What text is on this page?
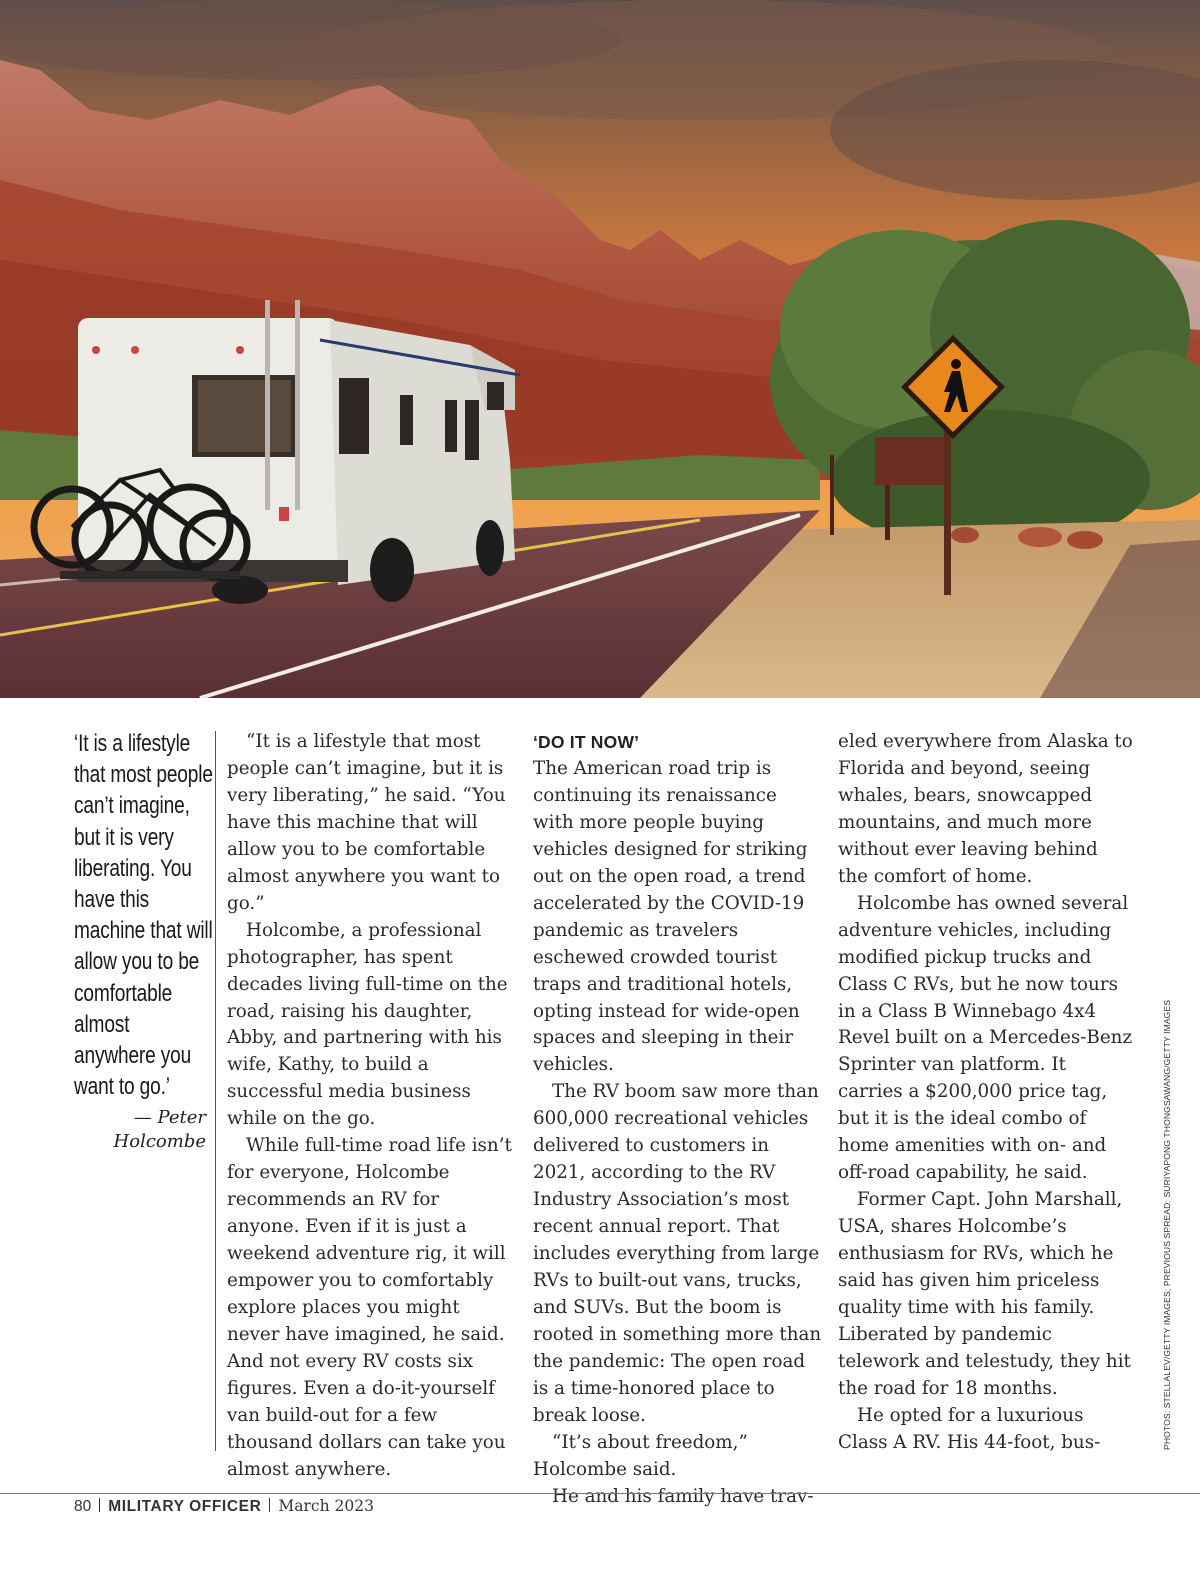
‘It is a lifestyle that most people can’t imagine, but it is very liberating. You have this machine that will allow you to be comfortable almost anywhere you want to go.’
— Peter
Holcombe

“It is a lifestyle that most people can’t imagine, but it is very liberating,” he said. “You have this machine that will allow you to be comfortable almost anywhere you want to go.”

Holcombe, a professional photographer, has spent decades living full-time on the road, raising his daughter, Abby, and partnering with his wife, Kathy, to build a successful media business while on the go.

While full-time road life isn’t for everyone, Holcombe recommends an RV for anyone. Even if it is just a weekend adventure rig, it will empower you to comfortably explore places you might never have imagined, he said. And not every RV costs six figures. Even a do-it-yourself van build-out for a few thousand dollars can take you almost anywhere.

‘DO IT NOW’

The American road trip is continuing its renaissance with more people buying vehicles designed for striking out on the open road, a trend accelerated by the COVID-19 pandemic as travelers eschewed crowded tourist traps and traditional hotels, opting instead for wide-open spaces and sleeping in their vehicles.

The RV boom saw more than 600,000 recreational vehicles delivered to customers in 2021, according to the RV Industry Association’s most recent annual report. That includes everything from large RVs to built-out vans, trucks, and SUVs. But the boom is rooted in something more than the pandemic: The open road is a time-honored place to break loose.

“It’s about freedom,” Holcombe said.

He and his family have trav-

eled everywhere from Alaska to Florida and beyond, seeing whales, bears, snowcapped mountains, and much more without ever leaving behind the comfort of home.

Holcombe has owned several adventure vehicles, including modified pickup trucks and Class C RVs, but he now tours in a Class B Winnebago 4x4 Revel built on a Mercedes-Benz Sprinter van platform. It carries a $200,000 price tag, but it is the ideal combo of home amenities with on- and off-road capability, he said.

Former Capt. John Marshall, USA, shares Holcombe’s enthusiasm for RVs, which he said has given him priceless quality time with his family. Liberated by pandemic telework and telestudy, they hit the road for 18 months.

He opted for a luxurious Class A RV. His 44-foot, bus-	PHOTOS: STELLALEV/GETTY IMAGES; PREVIOUS SPREAD: SURIYAPONG THONGSAWANG/GETTY IMAGES
80 MILITARY OFFICER March 2023
